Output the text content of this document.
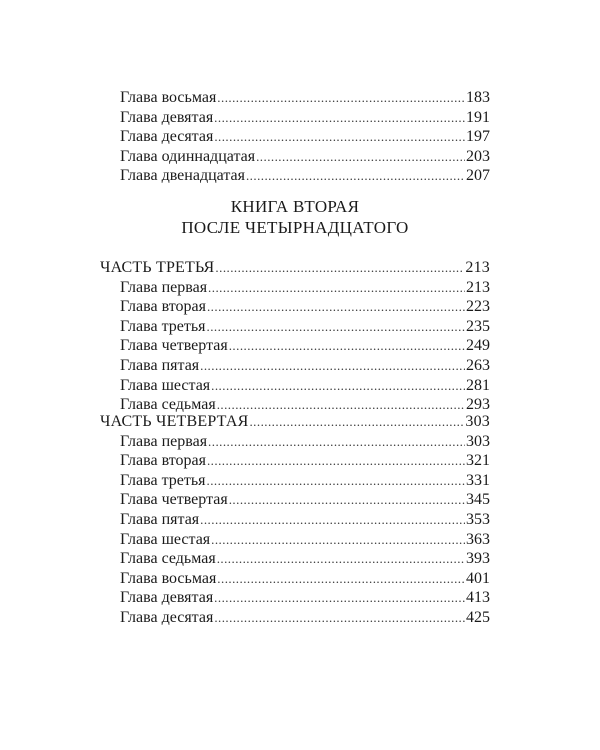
Глава восьмая . . .	183
Глава девятая . . .	191
Глава десятая . . .	197
Глава одиннадцатая . . .	203
Глава двенадцатая . . .	207
КНИГА ВТОРАЯ
ПОСЛЕ ЧЕТЫРНАДЦАТОГО
ЧАСТЬ ТРЕТЬЯ . . .	213
Глава первая . . .	213
Глава вторая . . .	223
Глава третья . . .	235
Глава четвертая . . .	249
Глава пятая . . .	263
Глава шестая . . .	281
Глава седьмая . . .	293
ЧАСТЬ ЧЕТВЕРТАЯ . . .	303
Глава первая . . .	303
Глава вторая . . .	321
Глава третья . . .	331
Глава четвертая . . .	345
Глава пятая . . .	353
Глава шестая . . .	363
Глава седьмая . . .	393
Глава восьмая . . .	401
Глава девятая . . .	413
Глава десятая . . .	425
